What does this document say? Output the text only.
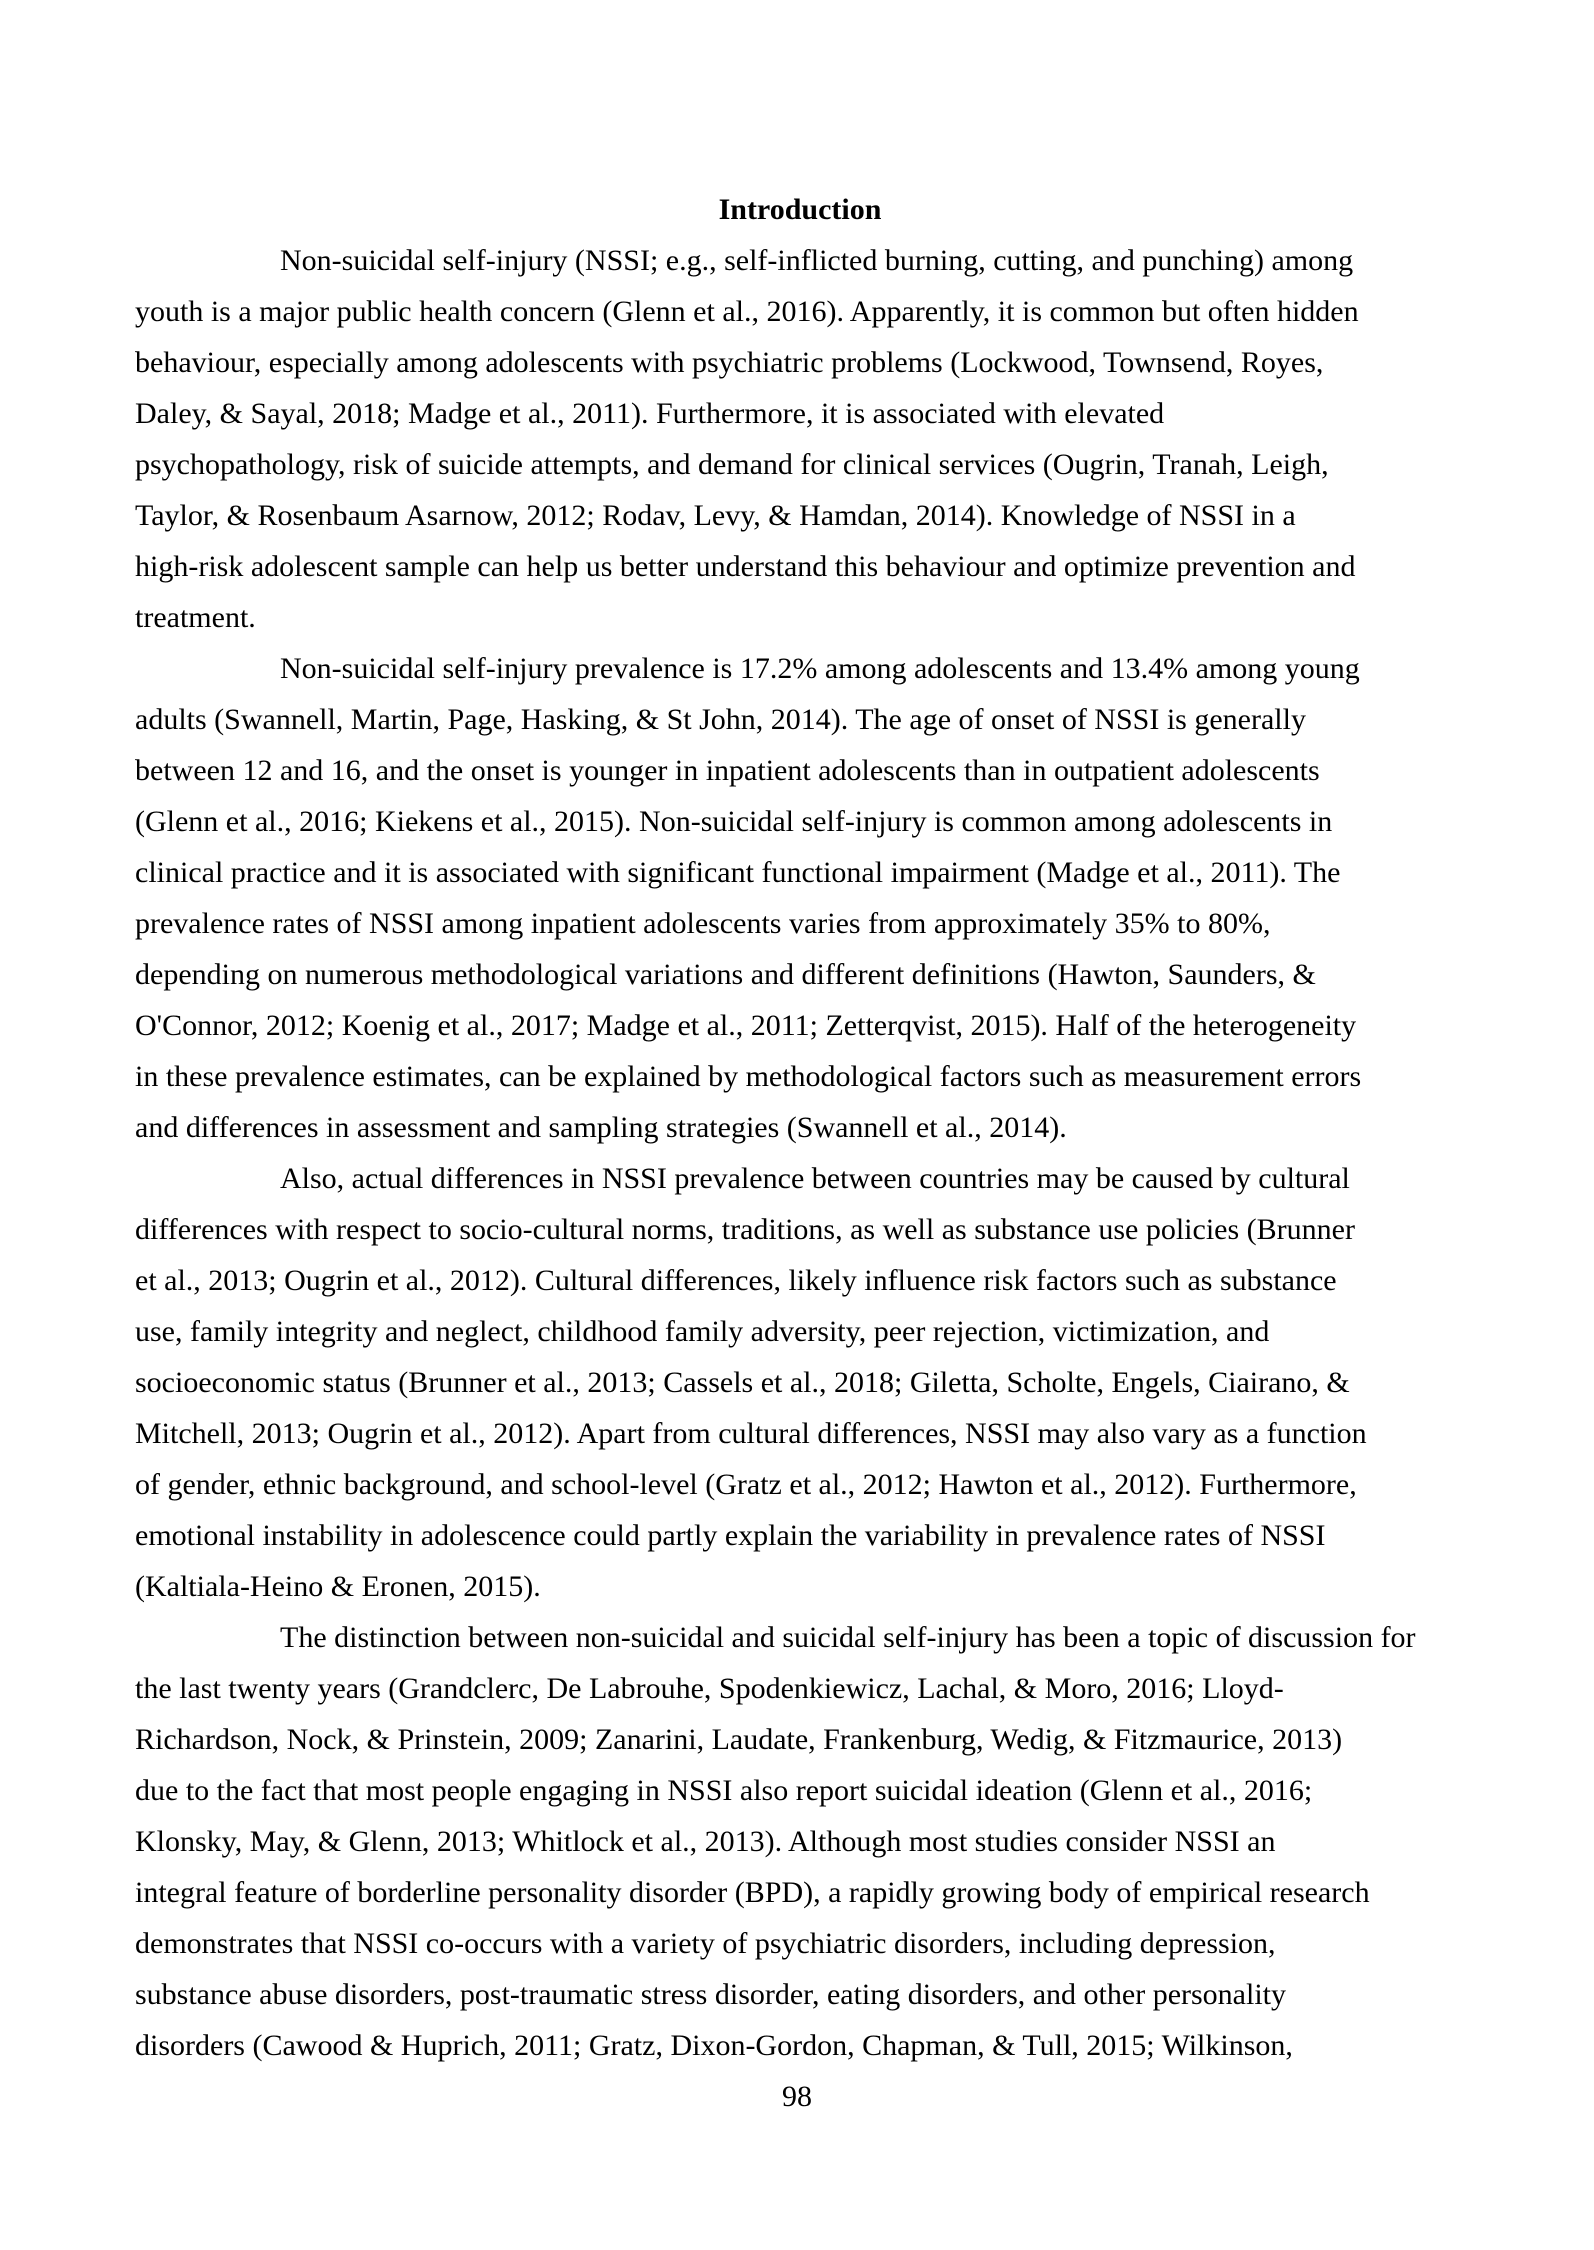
Introduction

Non-suicidal self-injury (NSSI; e.g., self-inflicted burning, cutting, and punching) among
youth is a major public health concern (Glenn et al., 2016). Apparently, it is common but often hidden
behaviour, especially among adolescents with psychiatric problems (Lockwood, Townsend, Royes,
Daley, & Sayal, 2018; Madge et al., 2011). Furthermore, it is associated with elevated
psychopathology, risk of suicide attempts, and demand for clinical services (Ougrin, Tranah, Leigh,
Taylor, & Rosenbaum Asarnow, 2012; Rodav, Levy, & Hamdan, 2014). Knowledge of NSSI in a
high-risk adolescent sample can help us better understand this behaviour and optimize prevention and
treatment.

Non-suicidal self-injury prevalence is 17.2% among adolescents and 13.4% among young
adults (Swannell, Martin, Page, Hasking, & St John, 2014). The age of onset of NSSI is generally
between 12 and 16, and the onset is younger in inpatient adolescents than in outpatient adolescents
(Glenn et al., 2016; Kiekens et al., 2015). Non-suicidal self-injury is common among adolescents in
clinical practice and it is associated with significant functional impairment (Madge et al., 2011). The
prevalence rates of NSSI among inpatient adolescents varies from approximately 35% to 80%,
depending on numerous methodological variations and different definitions (Hawton, Saunders, &
O'Connor, 2012; Koenig et al., 2017; Madge et al., 2011; Zetterqvist, 2015). Half of the heterogeneity
in these prevalence estimates, can be explained by methodological factors such as measurement errors
and differences in assessment and sampling strategies (Swannell et al., 2014).

Also, actual differences in NSSI prevalence between countries may be caused by cultural
differences with respect to socio-cultural norms, traditions, as well as substance use policies (Brunner
et al., 2013; Ougrin et al., 2012). Cultural differences, likely influence risk factors such as substance
use, family integrity and neglect, childhood family adversity, peer rejection, victimization, and
socioeconomic status (Brunner et al., 2013; Cassels et al., 2018; Giletta, Scholte, Engels, Ciairano, &
Mitchell, 2013; Ougrin et al., 2012). Apart from cultural differences, NSSI may also vary as a function
of gender, ethnic background, and school-level (Gratz et al., 2012; Hawton et al., 2012). Furthermore,
emotional instability in adolescence could partly explain the variability in prevalence rates of NSSI
(Kaltiala-Heino & Eronen, 2015).

The distinction between non-suicidal and suicidal self-injury has been a topic of discussion for
the last twenty years (Grandclerc, De Labrouhe, Spodenkiewicz, Lachal, & Moro, 2016; Lloyd-
Richardson, Nock, & Prinstein, 2009; Zanarini, Laudate, Frankenburg, Wedig, & Fitzmaurice, 2013)
due to the fact that most people engaging in NSSI also report suicidal ideation (Glenn et al., 2016;
Klonsky, May, & Glenn, 2013; Whitlock et al., 2013). Although most studies consider NSSI an
integral feature of borderline personality disorder (BPD), a rapidly growing body of empirical research
demonstrates that NSSI co-occurs with a variety of psychiatric disorders, including depression,
substance abuse disorders, post-traumatic stress disorder, eating disorders, and other personality
disorders (Cawood & Huprich, 2011; Gratz, Dixon-Gordon, Chapman, & Tull, 2015; Wilkinson,

98
